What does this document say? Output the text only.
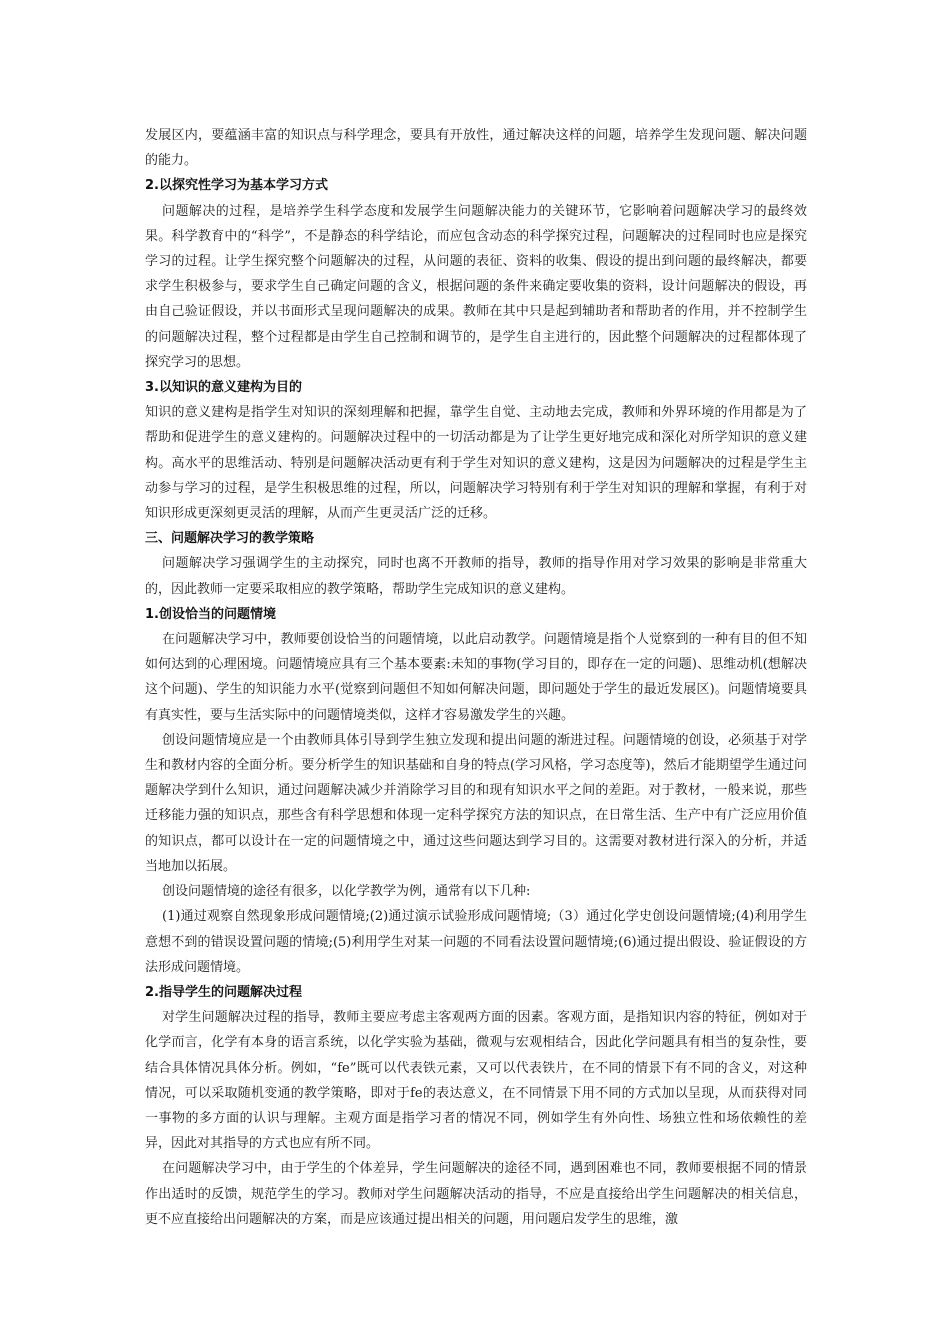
发展区内，要蕴涵丰富的知识点与科学理念，要具有开放性，通过解决这样的问题，培养学生发现问题、解决问题的能力。

2.以探究性学习为基本学习方式

问题解决的过程，是培养学生科学态度和发展学生问题解决能力的关键环节，它影响着问题解决学习的最终效果。科学教育中的“科学”，不是静态的科学结论，而应包含动态的科学探究过程，问题解决的过程同时也应是探究学习的过程。让学生探究整个问题解决的过程，从问题的表征、资料的收集、假设的提出到问题的最终解决，都要求学生积极参与，要求学生自己确定问题的含义，根据问题的条件来确定要收集的资料，设计问题解决的假设，再由自己验证假设，并以书面形式呈现问题解决的成果。教师在其中只是起到辅助者和帮助者的作用，并不控制学生的问题解决过程，整个过程都是由学生自己控制和调节的，是学生自主进行的，因此整个问题解决的过程都体现了探究学习的思想。

3.以知识的意义建构为目的

知识的意义建构是指学生对知识的深刻理解和把握，靠学生自觉、主动地去完成，教师和外界环境的作用都是为了帮助和促进学生的意义建构的。问题解决过程中的一切活动都是为了让学生更好地完成和深化对所学知识的意义建构。高水平的思维活动、特别是问题解决活动更有利于学生对知识的意义建构，这是因为问题解决的过程是学生主动参与学习的过程，是学生积极思维的过程，所以，问题解决学习特别有利于学生对知识的理解和掌握，有利于对知识形成更深刻更灵活的理解，从而产生更灵活广泛的迁移。

三、问题解决学习的教学策略

问题解决学习强调学生的主动探究，同时也离不开教师的指导，教师的指导作用对学习效果的影响是非常重大的，因此教师一定要采取相应的教学策略，帮助学生完成知识的意义建构。

1.创设恰当的问题情境

在问题解决学习中，教师要创设恰当的问题情境，以此启动教学。问题情境是指个人觉察到的一种有目的但不知如何达到的心理困境。问题情境应具有三个基本要素:未知的事物(学习目的，即存在一定的问题)、思维动机(想解决这个问题)、学生的知识能力水平(觉察到问题但不知如何解决问题，即问题处于学生的最近发展区)。问题情境要具有真实性，要与生活实际中的问题情境类似，这样才容易激发学生的兴趣。

创设问题情境应是一个由教师具体引导到学生独立发现和提出问题的渐进过程。问题情境的创设，必须基于对学生和教材内容的全面分析。要分析学生的知识基础和自身的特点(学习风格，学习态度等)，然后才能期望学生通过问题解决学到什么知识，通过问题解决减少并消除学习目的和现有知识水平之间的差距。对于教材，一般来说，那些迁移能力强的知识点，那些含有科学思想和体现一定科学探究方法的知识点，在日常生活、生产中有广泛应用价值的知识点，都可以设计在一定的问题情境之中，通过这些问题达到学习目的。这需要对教材进行深入的分析，并适当地加以拓展。

创设问题情境的途径有很多，以化学教学为例，通常有以下几种:

(1)通过观察自然现象形成问题情境;(2)通过演示试验形成问题情境;（3）通过化学史创设问题情境;(4)利用学生意想不到的错误设置问题的情境;(5)利用学生对某一问题的不同看法设置问题情境;(6)通过提出假设、验证假设的方法形成问题情境。

2.指导学生的问题解决过程

对学生问题解决过程的指导，教师主要应考虑主客观两方面的因素。客观方面，是指知识内容的特征，例如对于化学而言，化学有本身的语言系统，以化学实验为基础，微观与宏观相结合，因此化学问题具有相当的复杂性，要结合具体情况具体分析。例如，“fe”既可以代表铁元素，又可以代表铁片，在不同的情景下有不同的含义，对这种情况，可以采取随机变通的教学策略，即对于fe的表达意义，在不同情景下用不同的方式加以呈现，从而获得对同一事物的多方面的认识与理解。主观方面是指学习者的情况不同，例如学生有外向性、场独立性和场依赖性的差异，因此对其指导的方式也应有所不同。

在问题解决学习中，由于学生的个体差异，学生问题解决的途径不同，遇到困难也不同，教师要根据不同的情景作出适时的反馈，规范学生的学习。教师对学生问题解决活动的指导，不应是直接给出学生问题解决的相关信息，更不应直接给出问题解决的方案，而是应该通过提出相关的问题，用问题启发学生的思维，激
